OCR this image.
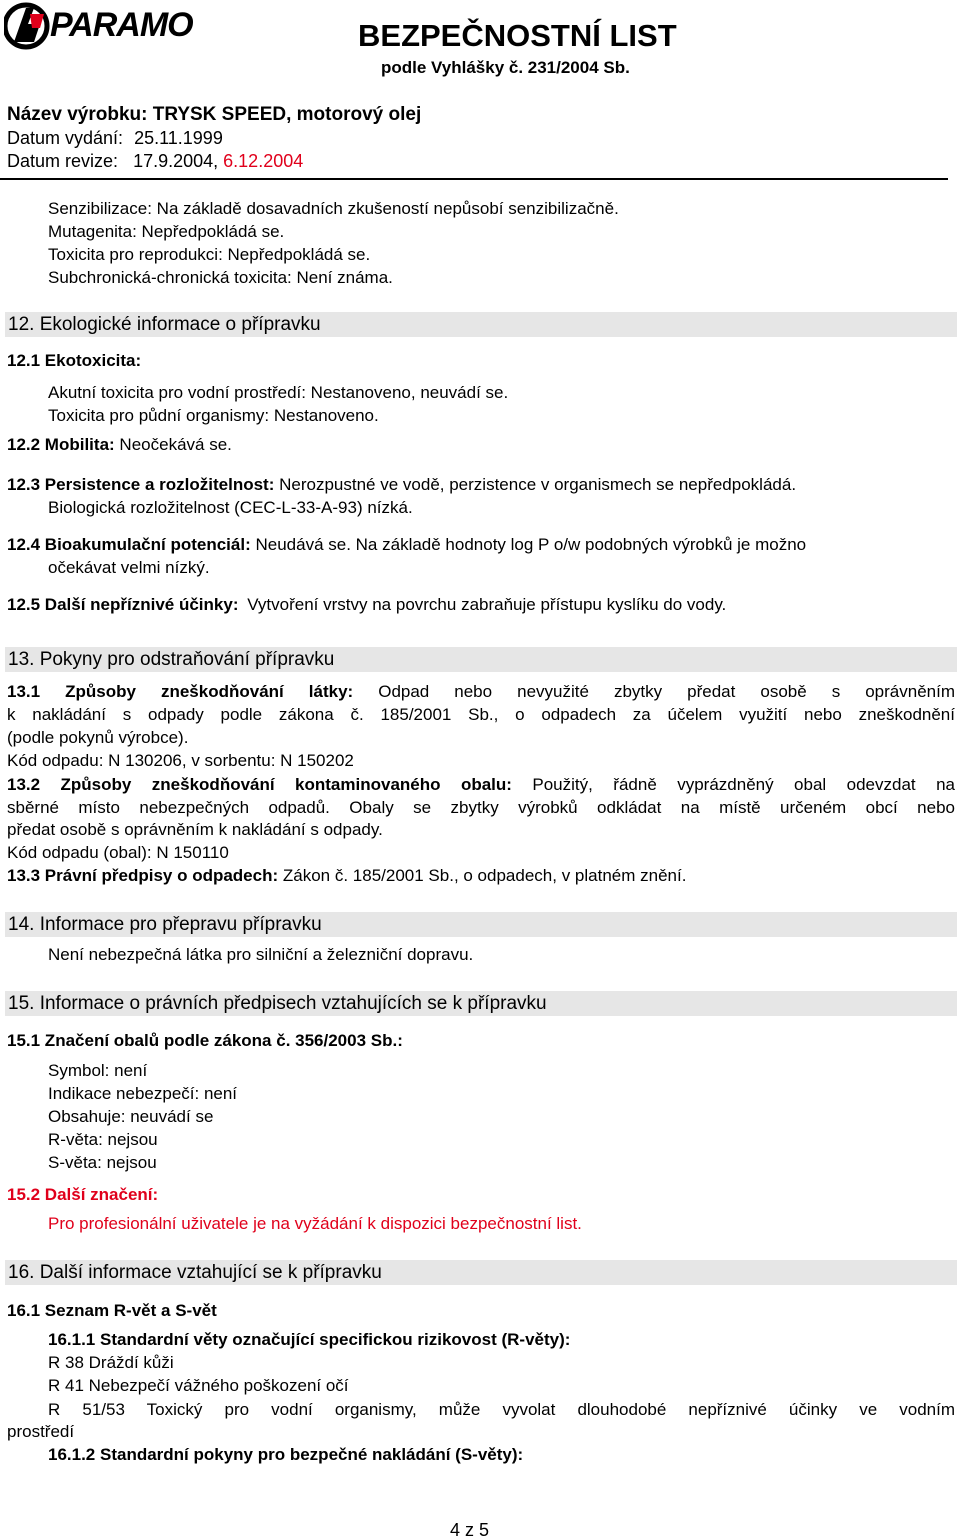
PARAMO	BEZPEČNOSTNÍ LIST
podle Vyhlášky č. 231/2004 Sb.
Název výrobku: TRYSK SPEED, motorový olej
Datum vydání: 25.11.1999
Datum revize: 17.9.2004, 6.12.2004
Senzibilizace: Na základě dosavadních zkušeností nepůsobí senzibilizačně.
Mutagenita: Nepředpokládá se.
Toxicita pro reprodukci: Nepředpokládá se.
Subchronická-chronická toxicita: Není známa.
12. Ekologické informace o přípravku
12.1 Ekotoxicita:
Akutní toxicita pro vodní prostředí: Nestanoveno, neuvádí se.
Toxicita pro půdní organismy: Nestanoveno.
12.2 Mobilita: Neočekává se.
12.3 Persistence a rozložitelnost: Nerozpustné ve vodě, perzistence v organismech se nepředpokládá.
Biologická rozložitelnost (CEC-L-33-A-93) nízká.
12.4 Bioakumulační potenciál: Neudává se. Na základě hodnoty log P o/w podobných výrobků je možno
očekávat velmi nízký.
12.5 Další nepříznivé účinky: Vytvoření vrstvy na povrchu zabraňuje přístupu kyslíku do vody.
13. Pokyny pro odstraňování přípravku
13.1 Způsoby zneškodňování látky: Odpad nebo nevyužité zbytky předat osobě s oprávněním
k nakládání s odpady podle zákona č. 185/2001 Sb., o odpadech za účelem využití nebo zneškodnění
(podle pokynů výrobce).
Kód odpadu: N 130206, v sorbentu: N 150202
13.2 Způsoby zneškodňování kontaminovaného obalu: Použitý, řádně vyprázdněný obal odevzdat na
sběrné místo nebezpečných odpadů. Obaly se zbytky výrobků odkládat na místě určeném obcí nebo
předat osobě s oprávněním k nakládání s odpady.
Kód odpadu (obal): N 150110
13.3 Právní předpisy o odpadech: Zákon č. 185/2001 Sb., o odpadech, v platném znění.
14. Informace pro přepravu přípravku
Není nebezpečná látka pro silniční a železniční dopravu.
15. Informace o právních předpisech vztahujících se k přípravku
15.1 Značení obalů podle zákona č. 356/2003 Sb.:
Symbol: není
Indikace nebezpečí: není
Obsahuje: neuvádí se
R-věta: nejsou
S-věta: nejsou
15.2 Další značení:
Pro profesionální uživatele je na vyžádání k dispozici bezpečnostní list.
16. Další informace vztahující se k přípravku
16.1 Seznam R-vět a S-vět
16.1.1 Standardní věty označující specifickou rizikovost (R-věty):
R 38 Dráždí kůži
R 41 Nebezpečí vážného poškození očí
R 51/53 Toxický pro vodní organismy, může vyvolat dlouhodobé nepříznivé účinky ve vodním
prostředí
16.1.2 Standardní pokyny pro bezpečné nakládání (S-věty):
4 z 5
